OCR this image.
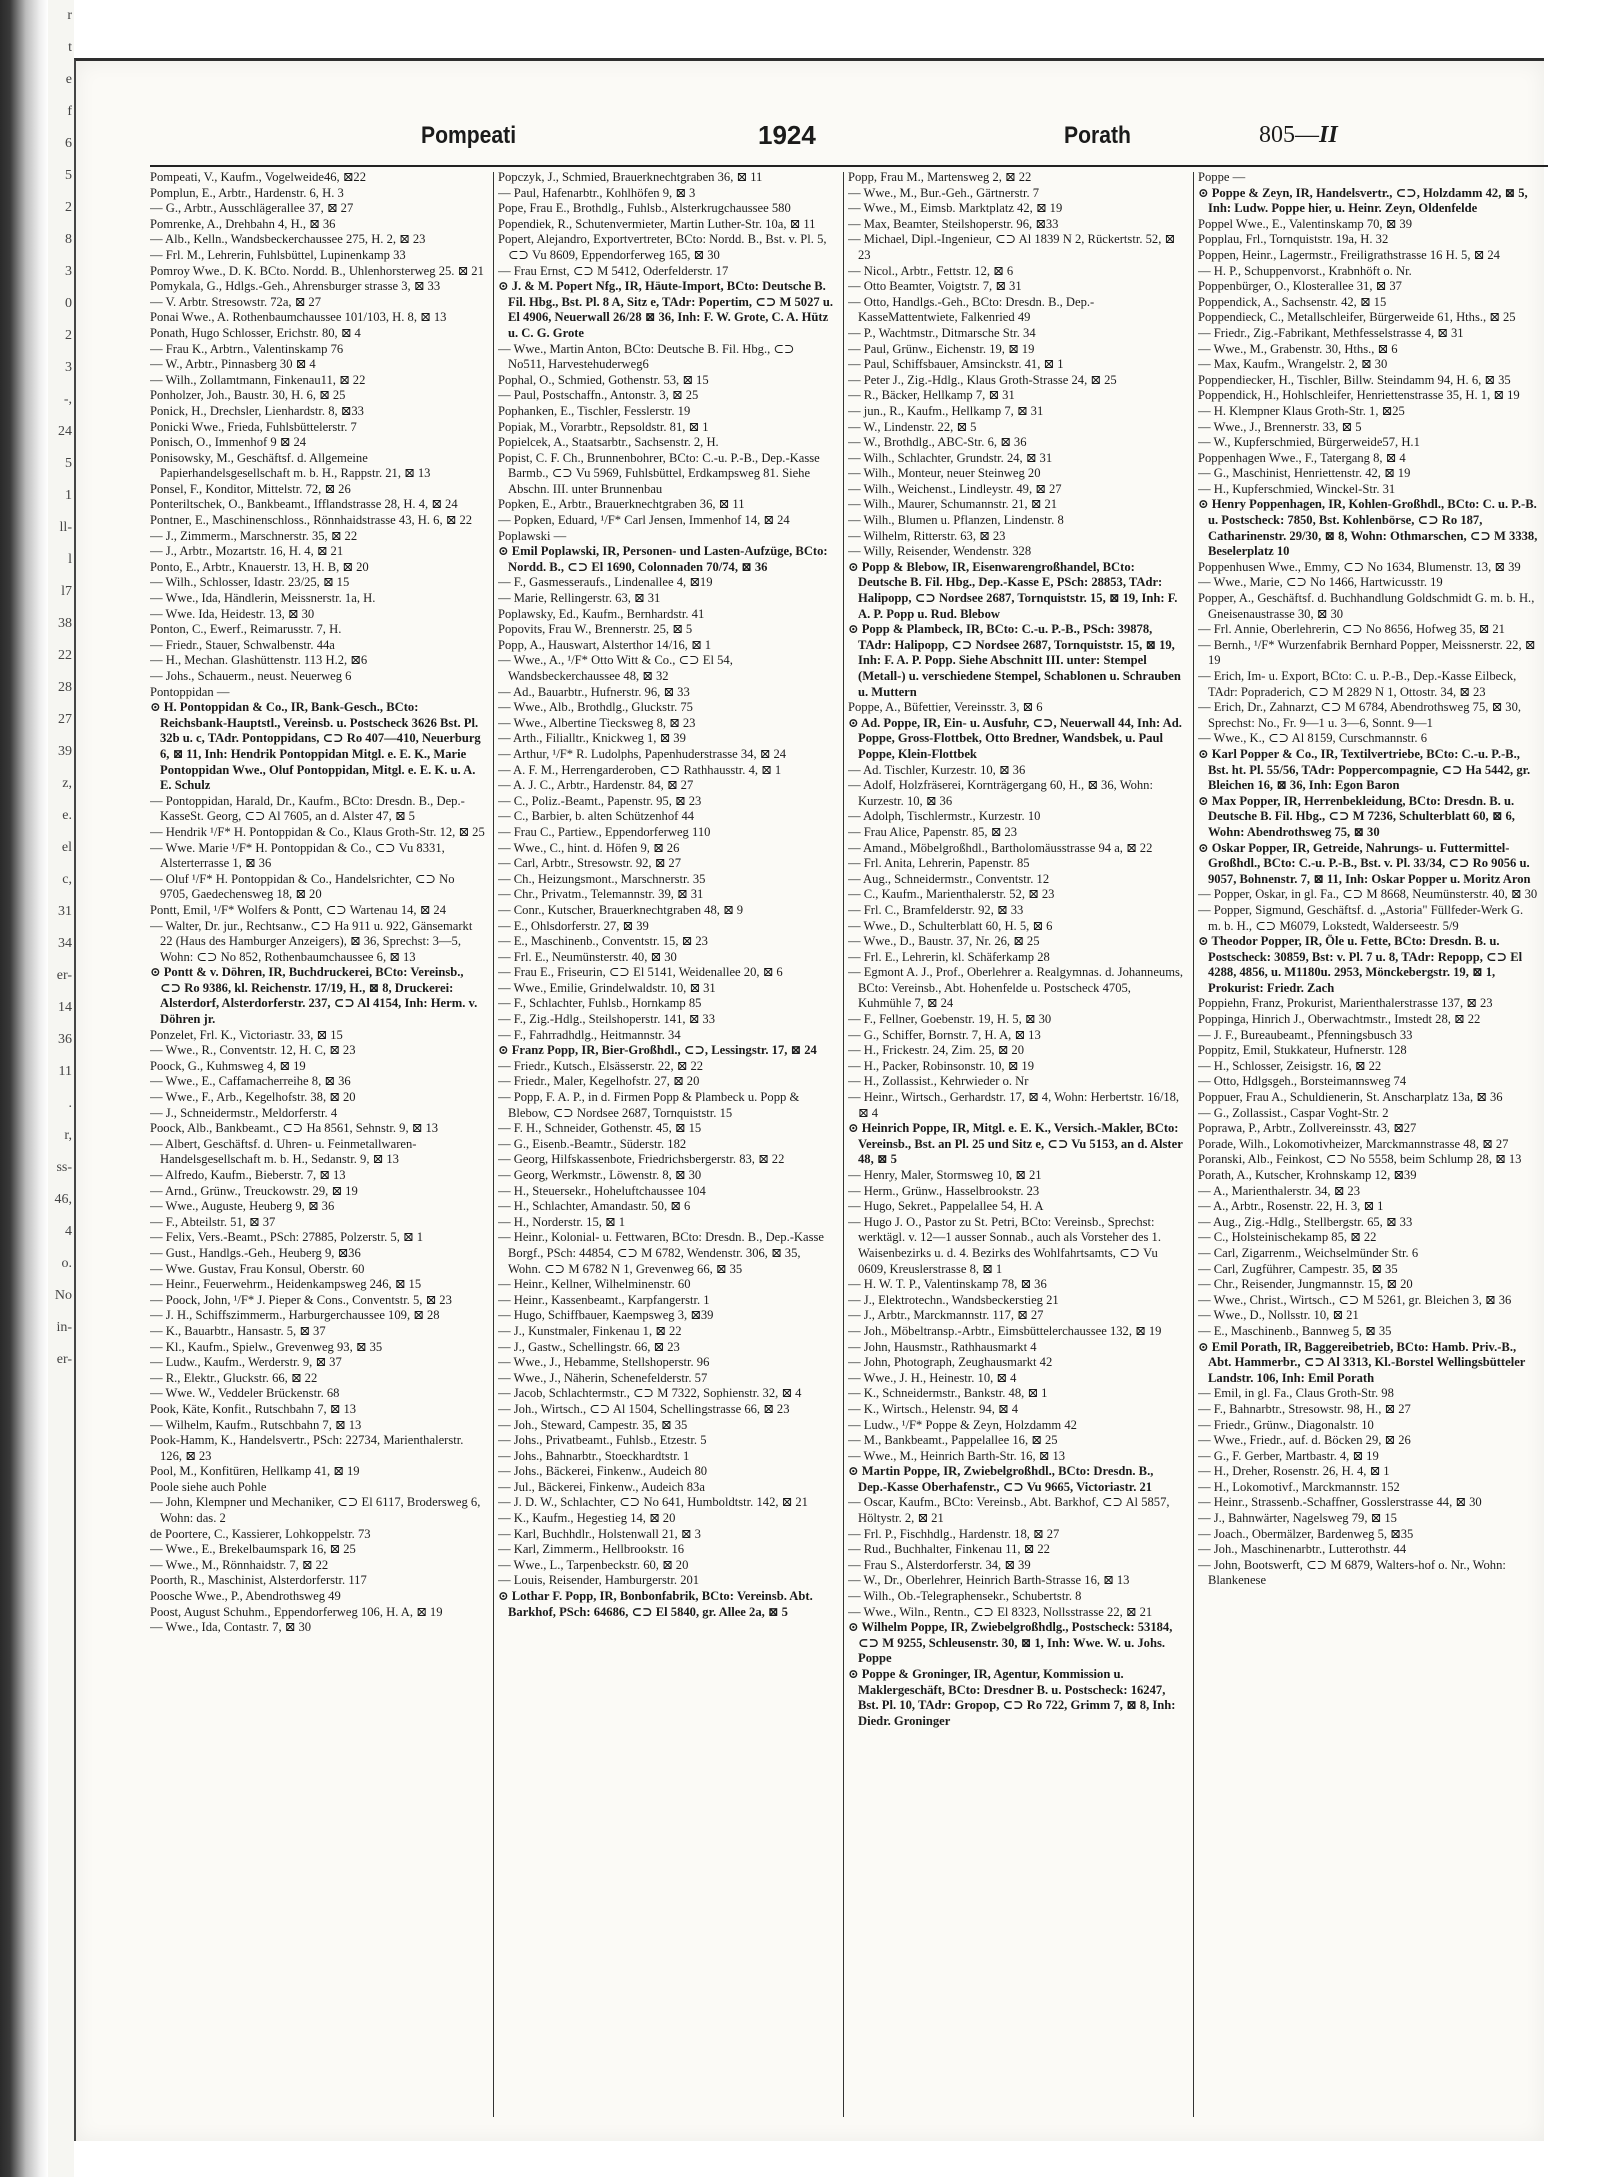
r
t
e
f
6
5
2
8
3
0
2
3
-,
24
5
1
ll-
l
l7
38
22
28
27
39
z,
e.
el
c,
31
34
er-
14
36
11
.
r,
ss-
46,
4
o.
No
in-
er-
Pompeati	1924	Porath	805—II
Pompeati, V., Kaufm., Vogelweide46, ⊠22
Pomplun, E., Arbtr., Hardenstr. 6, H. 3
— G., Arbtr., Ausschlägerallee 37, ⊠ 27
Pomrenke, A., Drehbahn 4, H., ⊠ 36
— Alb., Kelln., Wandsbeckerchaussee 275, H. 2, ⊠ 23
— Frl. M., Lehrerin, Fuhlsbüttel, Lupinenkamp 33
Pomroy Wwe., D. K. BCto. Nordd. B., Uhlenhorsterweg 25. ⊠ 21
Pomykala, G., Hdlgs.-Geh., Ahrensburger strasse 3, ⊠ 33
— V. Arbtr. Stresowstr. 72a, ⊠ 27
Ponai Wwe., A. Rothenbaumchaussee 101/103, H. 8, ⊠ 13
Ponath, Hugo Schlosser, Erichstr. 80, ⊠ 4
— Frau K., Arbtrn., Valentinskamp 76
— W., Arbtr., Pinnasberg 30 ⊠ 4
— Wilh., Zollamtmann, Finkenau11, ⊠ 22
Ponholzer, Joh., Baustr. 30, H. 6, ⊠ 25
Ponick, H., Drechsler, Lienhardstr. 8, ⊠33
Ponicki Wwe., Frieda, Fuhlsbüttelerstr. 7
Ponisch, O., Immenhof 9 ⊠ 24
Ponisowsky, M., Geschäftsf. d. Allgemeine Papierhandelsgesellschaft m. b. H., Rappstr. 21, ⊠ 13
Ponsel, F., Konditor, Mittelstr. 72, ⊠ 26
Ponteriltschek, O., Bankbeamt., Ifflandstrasse 28, H. 4, ⊠ 24
Pontner, E., Maschinenschloss., Rönnhaidstrasse 43, H. 6, ⊠ 22
— J., Zimmerm., Marschnerstr. 35, ⊠ 22
— J., Arbtr., Mozartstr. 16, H. 4, ⊠ 21
Ponto, E., Arbtr., Knauerstr. 13, H. B, ⊠ 20
— Wilh., Schlosser, Idastr. 23/25, ⊠ 15
— Wwe., Ida, Händlerin, Meissnerstr. 1a, H.
— Wwe. Ida, Heidestr. 13, ⊠ 30
Ponton, C., Ewerf., Reimarusstr. 7, H.
— Friedr., Stauer, Schwalbenstr. 44a
— H., Mechan. Glashüttenstr. 113 H.2, ⊠6
— Johs., Schauerm., neust. Neuerweg 6
Pontoppidan —
⊙ H. Pontoppidan & Co., IR, Bank-Gesch., BCto: Reichsbank-Hauptstl., Vereinsb. u. Postscheck 3626 Bst. Pl. 32b u. c, TAdr. Pontoppidans, ⊂⊃ Ro 407—410, Neuerburg 6, ⊠ 11, Inh: Hendrik Pontoppidan Mitgl. e. E. K., Marie Pontoppidan Wwe., Oluf Pontoppidan, Mitgl. e. E. K. u. A. E. Schulz
— Pontoppidan, Harald, Dr., Kaufm., BCto: Dresdn. B., Dep.-KasseSt. Georg, ⊂⊃ Al 7605, an d. Alster 47, ⊠ 5
— Hendrik ¹/F* H. Pontoppidan & Co., Klaus Groth-Str. 12, ⊠ 25
— Wwe. Marie ¹/F* H. Pontoppidan & Co., ⊂⊃ Vu 8331, Alsterterrasse 1, ⊠ 36
— Oluf ¹/F* H. Pontoppidan & Co., Handelsrichter, ⊂⊃ No 9705, Gaedechensweg 18, ⊠ 20
Pontt, Emil, ¹/F* Wolfers & Pontt, ⊂⊃ Wartenau 14, ⊠ 24
— Walter, Dr. jur., Rechtsanw., ⊂⊃ Ha 911 u. 922, Gänsemarkt 22 (Haus des Hamburger Anzeigers), ⊠ 36, Sprechst: 3—5, Wohn: ⊂⊃ No 852, Rothenbaumchaussee 6, ⊠ 13
⊙ Pontt & v. Döhren, IR, Buchdruckerei, BCto: Vereinsb., ⊂⊃ Ro 9386, kl. Reichenstr. 17/19, H., ⊠ 8, Druckerei: Alsterdorf, Alsterdorferstr. 237, ⊂⊃ Al 4154, Inh: Herm. v. Döhren jr.
Ponzelet, Frl. K., Victoriastr. 33, ⊠ 15
— Wwe., R., Conventstr. 12, H. C, ⊠ 23
Poock, G., Kuhmsweg 4, ⊠ 19
— Wwe., E., Caffamacherreihe 8, ⊠ 36
— Wwe., F., Arb., Kegelhofstr. 38, ⊠ 20
— J., Schneidermstr., Meldorferstr. 4
Poock, Alb., Bankbeamt., ⊂⊃ Ha 8561, Sehnstr. 9, ⊠ 13
— Albert, Geschäftsf. d. Uhren- u. Feinmetallwaren-Handelsgesellschaft m. b. H., Sedanstr. 9, ⊠ 13
— Alfredo, Kaufm., Bieberstr. 7, ⊠ 13
— Arnd., Grünw., Treuckowstr. 29, ⊠ 19
— Wwe., Auguste, Heuberg 9, ⊠ 36
— F., Abteilstr. 51, ⊠ 37
— Felix, Vers.-Beamt., PSch: 27885, Polzerstr. 5, ⊠ 1
— Gust., Handlgs.-Geh., Heuberg 9, ⊠36
— Wwe. Gustav, Frau Konsul, Oberstr. 60
— Heinr., Feuerwehrm., Heidenkampsweg 246, ⊠ 15
— Poock, John, ¹/F* J. Pieper & Cons., Conventstr. 5, ⊠ 23
— J. H., Schiffszimmerm., Harburgerchaussee 109, ⊠ 28
— K., Bauarbtr., Hansastr. 5, ⊠ 37
— Kl., Kaufm., Spielw., Grevenweg 93, ⊠ 35
— Ludw., Kaufm., Werderstr. 9, ⊠ 37
— R., Elektr., Gluckstr. 66, ⊠ 22
— Wwe. W., Veddeler Brückenstr. 68
Pook, Käte, Konfit., Rutschbahn 7, ⊠ 13
— Wilhelm, Kaufm., Rutschbahn 7, ⊠ 13
Pook-Hamm, K., Handelsvertr., PSch: 22734, Marienthalerstr. 126, ⊠ 23
Pool, M., Konfitüren, Hellkamp 41, ⊠ 19
Poole siehe auch Pohle
— John, Klempner und Mechaniker, ⊂⊃ El 6117, Brodersweg 6, Wohn: das. 2
de Poortere, C., Kassierer, Lohkoppelstr. 73
— Wwe., E., Brekelbaumspark 16, ⊠ 25
— Wwe., M., Rönnhaidstr. 7, ⊠ 22
Poorth, R., Maschinist, Alsterdorferstr. 117
Poosche Wwe., P., Abendrothsweg 49
Poost, August Schuhm., Eppendorferweg 106, H. A, ⊠ 19
— Wwe., Ida, Contastr. 7, ⊠ 30
Popczyk, J., Schmied, Brauerknechtgraben 36, ⊠ 11
— Paul, Hafenarbtr., Kohlhöfen 9, ⊠ 3
Pope, Frau E., Brothdlg., Fuhlsb., Alsterkrugchaussee 580
Popendiek, R., Schutenvermieter, Martin Luther-Str. 10a, ⊠ 11
Popert, Alejandro, Exportvertreter, BCto: Nordd. B., Bst. v. Pl. 5, ⊂⊃ Vu 8609, Eppendorferweg 165, ⊠ 30
— Frau Ernst, ⊂⊃ M 5412, Oderfelderstr. 17
⊙ J. & M. Popert Nfg., IR, Häute-Import, BCto: Deutsche B. Fil. Hbg., Bst. Pl. 8 A, Sitz e, TAdr: Popertim, ⊂⊃ M 5027 u. El 4906, Neuerwall 26/28 ⊠ 36, Inh: F. W. Grote, C. A. Hütz u. C. G. Grote
— Wwe., Martin Anton, BCto: Deutsche B. Fil. Hbg., ⊂⊃ No511, Harvestehuderweg6
Pophal, O., Schmied, Gothenstr. 53, ⊠ 15
— Paul, Postschaffn., Antonstr. 3, ⊠ 25
Pophanken, E., Tischler, Fesslerstr. 19
Popiak, M., Vorarbtr., Repsoldstr. 81, ⊠ 1
Popielcek, A., Staatsarbtr., Sachsenstr. 2, H.
Popist, C. F. Ch., Brunnenbohrer, BCto: C.-u. P.-B., Dep.-Kasse Barmb., ⊂⊃ Vu 5969, Fuhlsbüttel, Erdkampsweg 81. Siehe Abschn. III. unter Brunnenbau
Popken, E., Arbtr., Brauerknechtgraben 36, ⊠ 11
— Popken, Eduard, ¹/F* Carl Jensen, Immenhof 14, ⊠ 24
Poplawski —
⊙ Emil Poplawski, IR, Personen- und Lasten-Aufzüge, BCto: Nordd. B., ⊂⊃ El 1690, Colonnaden 70/74, ⊠ 36
— F., Gasmesseraufs., Lindenallee 4, ⊠19
— Marie, Rellingerstr. 63, ⊠ 31
Poplawsky, Ed., Kaufm., Bernhardstr. 41
Popovits, Frau W., Brennerstr. 25, ⊠ 5
Popp, A., Hauswart, Alsterthor 14/16, ⊠ 1
— Wwe., A., ¹/F* Otto Witt & Co., ⊂⊃ El 54, Wandsbeckerchaussee 48, ⊠ 32
— Ad., Bauarbtr., Hufnerstr. 96, ⊠ 33
— Wwe., Alb., Brothdlg., Gluckstr. 75
— Wwe., Albertine Tiecksweg 8, ⊠ 23
— Arth., Filialltr., Knickweg 1, ⊠ 39
— Arthur, ¹/F* R. Ludolphs, Papenhuderstrasse 34, ⊠ 24
— A. F. M., Herrengarderoben, ⊂⊃ Rathhausstr. 4, ⊠ 1
— A. J. C., Arbtr., Hardenstr. 84, ⊠ 27
— C., Poliz.-Beamt., Papenstr. 95, ⊠ 23
— C., Barbier, b. alten Schützenhof 44
— Frau C., Partiew., Eppendorferweg 110
— Wwe., C., hint. d. Höfen 9, ⊠ 26
— Carl, Arbtr., Stresowstr. 92, ⊠ 27
— Ch., Heizungsmont., Marschnerstr. 35
— Chr., Privatm., Telemannstr. 39, ⊠ 31
— Conr., Kutscher, Brauerknechtgraben 48, ⊠ 9
— E., Ohlsdorferstr. 27, ⊠ 39
— E., Maschinenb., Conventstr. 15, ⊠ 23
— Frl. E., Neumünsterstr. 40, ⊠ 30
— Frau E., Friseurin, ⊂⊃ El 5141, Weidenallee 20, ⊠ 6
— Wwe., Emilie, Grindelwaldstr. 10, ⊠ 31
— F., Schlachter, Fuhlsb., Hornkamp 85
— F., Zig.-Hdlg., Steilshoperstr. 141, ⊠ 33
— F., Fahrradhdlg., Heitmannstr. 34
⊙ Franz Popp, IR, Bier-Großhdl., ⊂⊃, Lessingstr. 17, ⊠ 24
— Friedr., Kutsch., Elsässerstr. 22, ⊠ 22
— Friedr., Maler, Kegelhofstr. 27, ⊠ 20
— Popp, F. A. P., in d. Firmen Popp & Plambeck u. Popp & Blebow, ⊂⊃ Nordsee 2687, Tornquiststr. 15
— F. H., Schneider, Gothenstr. 45, ⊠ 15
— G., Eisenb.-Beamtr., Süderstr. 182
— Georg, Hilfskassenbote, Friedrichsbergerstr. 83, ⊠ 22
— Georg, Werkmstr., Löwenstr. 8, ⊠ 30
— H., Steuersekr., Hoheluftchaussee 104
— H., Schlachter, Amandastr. 50, ⊠ 6
— H., Norderstr. 15, ⊠ 1
— Heinr., Kolonial- u. Fettwaren, BCto: Dresdn. B., Dep.-Kasse Borgf., PSch: 44854, ⊂⊃ M 6782, Wendenstr. 306, ⊠ 35, Wohn. ⊂⊃ M 6782 N 1, Grevenweg 66, ⊠ 35
— Heinr., Kellner, Wilhelminenstr. 60
— Heinr., Kassenbeamt., Karpfangerstr. 1
— Hugo, Schiffbauer, Kaempsweg 3, ⊠39
— J., Kunstmaler, Finkenau 1, ⊠ 22
— J., Gastw., Schellingstr. 66, ⊠ 23
— Wwe., J., Hebamme, Stellshoperstr. 96
— Wwe., J., Näherin, Schenefelderstr. 57
— Jacob, Schlachtermstr., ⊂⊃ M 7322, Sophienstr. 32, ⊠ 4
— Joh., Wirtsch., ⊂⊃ Al 1504, Schellingstrasse 66, ⊠ 23
— Joh., Steward, Campestr. 35, ⊠ 35
— Johs., Privatbeamt., Fuhlsb., Etzestr. 5
— Johs., Bahnarbtr., Stoeckhardtstr. 1
— Johs., Bäckerei, Finkenw., Audeich 80
— Jul., Bäckerei, Finkenw., Audeich 83a
— J. D. W., Schlachter, ⊂⊃ No 641, Humboldtstr. 142, ⊠ 21
— K., Kaufm., Hegestieg 14, ⊠ 20
— Karl, Buchhdlr., Holstenwall 21, ⊠ 3
— Karl, Zimmerm., Hellbrookstr. 16
— Wwe., L., Tarpenbeckstr. 60, ⊠ 20
— Louis, Reisender, Hamburgerstr. 201
⊙ Lothar F. Popp, IR, Bonbonfabrik, BCto: Vereinsb. Abt. Barkhof, PSch: 64686, ⊂⊃ El 5840, gr. Allee 2a, ⊠ 5
Popp, Frau M., Martensweg 2, ⊠ 22
— Wwe., M., Bur.-Geh., Gärtnerstr. 7
— Wwe., M., Eimsb. Marktplatz 42, ⊠ 19
— Max, Beamter, Steilshoperstr. 96, ⊠33
— Michael, Dipl.-Ingenieur, ⊂⊃ Al 1839 N 2, Rückertstr. 52, ⊠ 23
— Nicol., Arbtr., Fettstr. 12, ⊠ 6
— Otto Beamter, Voigtstr. 7, ⊠ 31
— Otto, Handlgs.-Geh., BCto: Dresdn. B., Dep.-KasseMattentwiete, Falkenried 49
— P., Wachtmstr., Ditmarsche Str. 34
— Paul, Grünw., Eichenstr. 19, ⊠ 19
— Paul, Schiffsbauer, Amsinckstr. 41, ⊠ 1
— Peter J., Zig.-Hdlg., Klaus Groth-Strasse 24, ⊠ 25
— R., Bäcker, Hellkamp 7, ⊠ 31
— jun., R., Kaufm., Hellkamp 7, ⊠ 31
— W., Lindenstr. 22, ⊠ 5
— W., Brothdlg., ABC-Str. 6, ⊠ 36
— Wilh., Schlachter, Grundstr. 24, ⊠ 31
— Wilh., Monteur, neuer Steinweg 20
— Wilh., Weichenst., Lindleystr. 49, ⊠ 27
— Wilh., Maurer, Schumannstr. 21, ⊠ 21
— Wilh., Blumen u. Pflanzen, Lindenstr. 8
— Wilhelm, Ritterstr. 63, ⊠ 23
— Willy, Reisender, Wendenstr. 328
⊙ Popp & Blebow, IR, Eisenwarengroßhandel, BCto: Deutsche B. Fil. Hbg., Dep.-Kasse E, PSch: 28853, TAdr: Halipopp, ⊂⊃ Nordsee 2687, Tornquiststr. 15, ⊠ 19, Inh: F. A. P. Popp u. Rud. Blebow
⊙ Popp & Plambeck, IR, BCto: C.-u. P.-B., PSch: 39878, TAdr: Halipopp, ⊂⊃ Nordsee 2687, Tornquiststr. 15, ⊠ 19, Inh: F. A. P. Popp. Siehe Abschnitt III. unter: Stempel (Metall-) u. verschiedene Stempel, Schablonen u. Schrauben u. Muttern
Poppe, A., Büfettier, Vereinsstr. 3, ⊠ 6
⊙ Ad. Poppe, IR, Ein- u. Ausfuhr, ⊂⊃, Neuerwall 44, Inh: Ad. Poppe, Gross-Flottbek, Otto Bredner, Wandsbek, u. Paul Poppe, Klein-Flottbek
— Ad. Tischler, Kurzestr. 10, ⊠ 36
— Adolf, Holzfräserei, Kornträgergang 60, H., ⊠ 36, Wohn: Kurzestr. 10, ⊠ 36
— Adolph, Tischlermstr., Kurzestr. 10
— Frau Alice, Papenstr. 85, ⊠ 23
— Amand., Möbelgroßhdl., Bartholomäusstrasse 94 a, ⊠ 22
— Frl. Anita, Lehrerin, Papenstr. 85
— Aug., Schneidermstr., Conventstr. 12
— C., Kaufm., Marienthalerstr. 52, ⊠ 23
— Frl. C., Bramfelderstr. 92, ⊠ 33
— Wwe., D., Schulterblatt 60, H. 5, ⊠ 6
— Wwe., D., Baustr. 37, Nr. 26, ⊠ 25
— Frl. E., Lehrerin, kl. Schäferkamp 28
— Egmont A. J., Prof., Oberlehrer a. Realgymnas. d. Johanneums, BCto: Vereinsb., Abt. Hohenfelde u. Postscheck 4705, Kuhmühle 7, ⊠ 24
— F., Fellner, Goebenstr. 19, H. 5, ⊠ 30
— G., Schiffer, Bornstr. 7, H. A, ⊠ 13
— H., Frickestr. 24, Zim. 25, ⊠ 20
— H., Packer, Robinsonstr. 10, ⊠ 19
— H., Zollassist., Kehrwieder o. Nr
— Heinr., Wirtsch., Gerhardstr. 17, ⊠ 4, Wohn: Herbertstr. 16/18, ⊠ 4
⊙ Heinrich Poppe, IR, Mitgl. e. E. K., Versich.-Makler, BCto: Vereinsb., Bst. an Pl. 25 und Sitz e, ⊂⊃ Vu 5153, an d. Alster 48, ⊠ 5
— Henry, Maler, Stormsweg 10, ⊠ 21
— Herm., Grünw., Hasselbrookstr. 23
— Hugo, Sekret., Pappelallee 54, H. A
— Hugo J. O., Pastor zu St. Petri, BCto: Vereinsb., Sprechst: werktägl. v. 12—1 ausser Sonnab., auch als Vorsteher des 1. Waisenbezirks u. d. 4. Bezirks des Wohlfahrtsamts, ⊂⊃ Vu 0609, Kreuslerstrasse 8, ⊠ 1
— H. W. T. P., Valentinskamp 78, ⊠ 36
— J., Elektrotechn., Wandsbeckerstieg 21
— J., Arbtr., Marckmannstr. 117, ⊠ 27
— Joh., Möbeltransp.-Arbtr., Eimsbüttelerchaussee 132, ⊠ 19
— John, Hausmstr., Rathhausmarkt 4
— John, Photograph, Zeughausmarkt 42
— Wwe., J. H., Heinestr. 10, ⊠ 4
— K., Schneidermstr., Bankstr. 48, ⊠ 1
— K., Wirtsch., Helenstr. 94, ⊠ 4
— Ludw., ¹/F* Poppe & Zeyn, Holzdamm 42
— M., Bankbeamt., Pappelallee 16, ⊠ 25
— Wwe., M., Heinrich Barth-Str. 16, ⊠ 13
⊙ Martin Poppe, IR, Zwiebelgroßhdl., BCto: Dresdn. B., Dep.-Kasse Oberhafenstr., ⊂⊃ Vu 9665, Victoriastr. 21
— Oscar, Kaufm., BCto: Vereinsb., Abt. Barkhof, ⊂⊃ Al 5857, Höltystr. 2, ⊠ 21
— Frl. P., Fischhdlg., Hardenstr. 18, ⊠ 27
— Rud., Buchhalter, Finkenau 11, ⊠ 22
— Frau S., Alsterdorferstr. 34, ⊠ 39
— W., Dr., Oberlehrer, Heinrich Barth-Strasse 16, ⊠ 13
— Wilh., Ob.-Telegraphensekr., Schubertstr. 8
— Wwe., Wiln., Rentn., ⊂⊃ El 8323, Nollsstrasse 22, ⊠ 21
⊙ Wilhelm Poppe, IR, Zwiebelgroßhdlg., Postscheck: 53184, ⊂⊃ M 9255, Schleusenstr. 30, ⊠ 1, Inh: Wwe. W. u. Johs. Poppe
⊙ Poppe & Groninger, IR, Agentur, Kommission u. Maklergeschäft, BCto: Dresdner B. u. Postscheck: 16247, Bst. Pl. 10, TAdr: Gropop, ⊂⊃ Ro 722, Grimm 7, ⊠ 8, Inh: Diedr. Groninger
Poppe —
⊙ Poppe & Zeyn, IR, Handelsvertr., ⊂⊃, Holzdamm 42, ⊠ 5, Inh: Ludw. Poppe hier, u. Heinr. Zeyn, Oldenfelde
Poppel Wwe., E., Valentinskamp 70, ⊠ 39
Popplau, Frl., Tornquiststr. 19a, H. 32
Poppen, Heinr., Lagermstr., Freiligrathstrasse 16 H. 5, ⊠ 24
— H. P., Schuppenvorst., Krabnhöft o. Nr.
Poppenbürger, O., Klosterallee 31, ⊠ 37
Poppendick, A., Sachsenstr. 42, ⊠ 15
Poppendieck, C., Metallschleifer, Bürgerweide 61, Hths., ⊠ 25
— Friedr., Zig.-Fabrikant, Methfesselstrasse 4, ⊠ 31
— Wwe., M., Grabenstr. 30, Hths., ⊠ 6
— Max, Kaufm., Wrangelstr. 2, ⊠ 30
Poppendiecker, H., Tischler, Billw. Steindamm 94, H. 6, ⊠ 35
Poppendick, H., Hohlschleifer, Henriettenstrasse 35, H. 1, ⊠ 19
— H. Klempner Klaus Groth-Str. 1, ⊠25
— Wwe., J., Brennerstr. 33, ⊠ 5
— W., Kupferschmied, Bürgerweide57, H.1
Poppenhagen Wwe., F., Tatergang 8, ⊠ 4
— G., Maschinist, Henriettenstr. 42, ⊠ 19
— H., Kupferschmied, Winckel-Str. 31
⊙ Henry Poppenhagen, IR, Kohlen-Großhdl., BCto: C. u. P.-B. u. Postscheck: 7850, Bst. Kohlenbörse, ⊂⊃ Ro 187, Catharinenstr. 29/30, ⊠ 8, Wohn: Othmarschen, ⊂⊃ M 3338, Beselerplatz 10
Poppenhusen Wwe., Emmy, ⊂⊃ No 1634, Blumenstr. 13, ⊠ 39
— Wwe., Marie, ⊂⊃ No 1466, Hartwicusstr. 19
Popper, A., Geschäftsf. d. Buchhandlung Goldschmidt G. m. b. H., Gneisenaustrasse 30, ⊠ 30
— Frl. Annie, Oberlehrerin, ⊂⊃ No 8656, Hofweg 35, ⊠ 21
— Bernh., ¹/F* Wurzenfabrik Bernhard Popper, Meissnerstr. 22, ⊠ 19
— Erich, Im- u. Export, BCto: C. u. P.-B., Dep.-Kasse Eilbeck, TAdr: Popraderich, ⊂⊃ M 2829 N 1, Ottostr. 34, ⊠ 23
— Erich, Dr., Zahnarzt, ⊂⊃ M 6784, Abendrothsweg 75, ⊠ 30, Sprechst: No., Fr. 9—1 u. 3—6, Sonnt. 9—1
— Wwe., K., ⊂⊃ Al 8159, Curschmannstr. 6
⊙ Karl Popper & Co., IR, Textilvertriebe, BCto: C.-u. P.-B., Bst. ht. Pl. 55/56, TAdr: Poppercompagnie, ⊂⊃ Ha 5442, gr. Bleichen 16, ⊠ 36, Inh: Egon Baron
⊙ Max Popper, IR, Herrenbekleidung, BCto: Dresdn. B. u. Deutsche B. Fil. Hbg., ⊂⊃ M 7236, Schulterblatt 60, ⊠ 6, Wohn: Abendrothsweg 75, ⊠ 30
⊙ Oskar Popper, IR, Getreide, Nahrungs- u. Futtermittel-Großhdl., BCto: C.-u. P.-B., Bst. v. Pl. 33/34, ⊂⊃ Ro 9056 u. 9057, Bohnenstr. 7, ⊠ 11, Inh: Oskar Popper u. Moritz Aron
— Popper, Oskar, in gl. Fa., ⊂⊃ M 8668, Neumünsterstr. 40, ⊠ 30
— Popper, Sigmund, Geschäftsf. d. „Astoria" Füllfeder-Werk G. m. b. H., ⊂⊃ M6079, Lokstedt, Walderseestr. 5/9
⊙ Theodor Popper, IR, Öle u. Fette, BCto: Dresdn. B. u. Postscheck: 30859, Bst: v. Pl. 7 u. 8, TAdr: Repopp, ⊂⊃ El 4288, 4856, u. M1180u. 2953, Mönckebergstr. 19, ⊠ 1, Prokurist: Friedr. Zach
Poppiehn, Franz, Prokurist, Marienthalerstrasse 137, ⊠ 23
Poppinga, Hinrich J., Oberwachtmstr., Imstedt 28, ⊠ 22
— J. F., Bureaubeamt., Pfenningsbusch 33
Poppitz, Emil, Stukkateur, Hufnerstr. 128
— H., Schlosser, Zeisigstr. 16, ⊠ 22
— Otto, Hdlgsgeh., Borsteimannsweg 74
Poppuer, Frau A., Schuldienerin, St. Anscharplatz 13a, ⊠ 36
— G., Zollassist., Caspar Voght-Str. 2
Poprawa, P., Arbtr., Zollvereinsstr. 43, ⊠27
Porade, Wilh., Lokomotivheizer, Marckmannstrasse 48, ⊠ 27
Poranski, Alb., Feinkost, ⊂⊃ No 5558, beim Schlump 28, ⊠ 13
Porath, A., Kutscher, Krohnskamp 12, ⊠39
— A., Marienthalerstr. 34, ⊠ 23
— A., Arbtr., Rosenstr. 22, H. 3, ⊠ 1
— Aug., Zig.-Hdlg., Stellbergstr. 65, ⊠ 33
— C., Holsteinischekamp 85, ⊠ 22
— Carl, Zigarrenm., Weichselmünder Str. 6
— Carl, Zugführer, Campestr. 35, ⊠ 35
— Chr., Reisender, Jungmannstr. 15, ⊠ 20
— Wwe., Christ., Wirtsch., ⊂⊃ M 5261, gr. Bleichen 3, ⊠ 36
— Wwe., D., Nollsstr. 10, ⊠ 21
— E., Maschinenb., Bannweg 5, ⊠ 35
⊙ Emil Porath, IR, Baggereibetrieb, BCto: Hamb. Priv.-B., Abt. Hammerbr., ⊂⊃ Al 3313, Kl.-Borstel Wellingsbütteler Landstr. 106, Inh: Emil Porath
— Emil, in gl. Fa., Claus Groth-Str. 98
— F., Bahnarbtr., Stresowstr. 98, H., ⊠ 27
— Friedr., Grünw., Diagonalstr. 10
— Wwe., Friedr., auf. d. Böcken 29, ⊠ 26
— G., F. Gerber, Martbastr. 4, ⊠ 19
— H., Dreher, Rosenstr. 26, H. 4, ⊠ 1
— H., Lokomotivf., Marckmannstr. 152
— Heinr., Strassenb.-Schaffner, Gosslerstrasse 44, ⊠ 30
— J., Bahnwärter, Nagelsweg 79, ⊠ 15
— Joach., Obermälzer, Bardenweg 5, ⊠35
— Joh., Maschinenarbtr., Lutterothstr. 44
— John, Bootswerft, ⊂⊃ M 6879, Walters-hof o. Nr., Wohn: Blankenese
